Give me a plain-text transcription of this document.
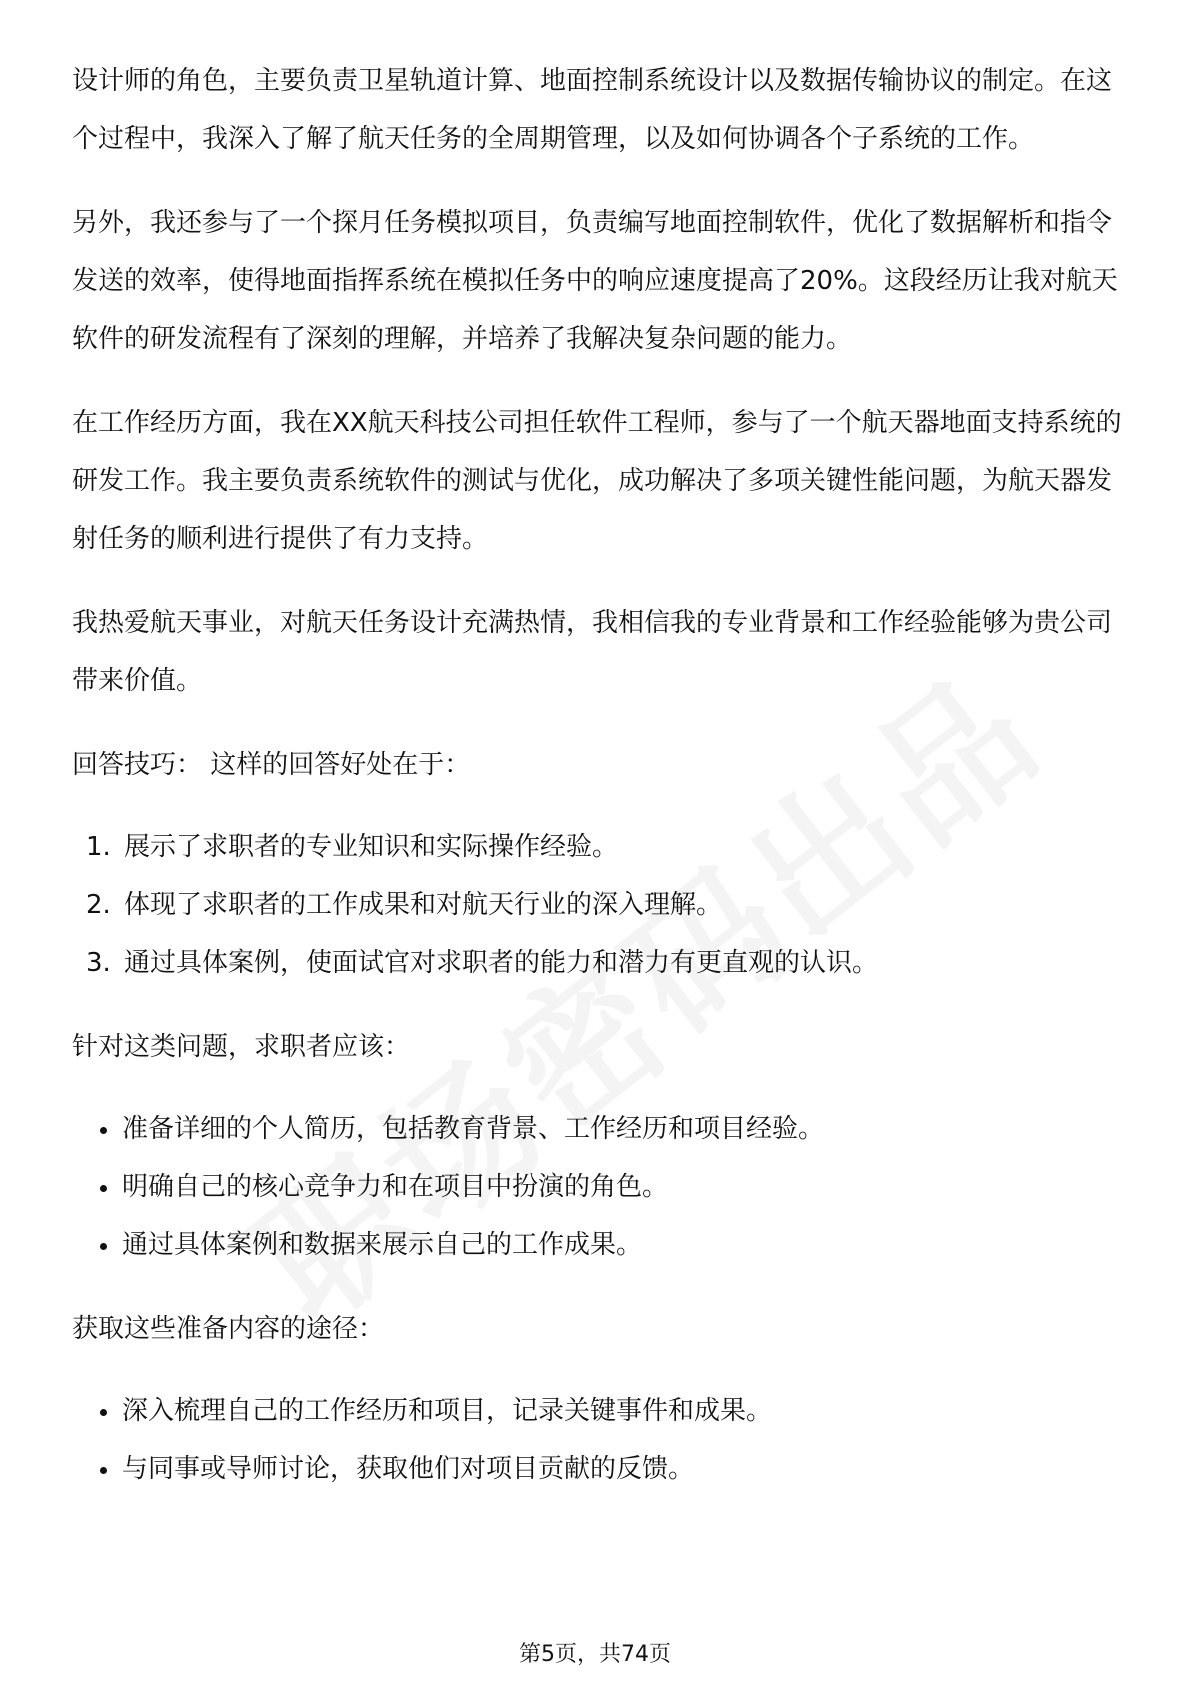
设计师的角色，主要负责卫星轨道计算、地面控制系统设计以及数据传输协议的制定。在这个过程中，我深入了解了航天任务的全周期管理，以及如何协调各个子系统的工作。

另外，我还参与了一个探月任务模拟项目，负责编写地面控制软件，优化了数据解析和指令发送的效率，使得地面指挥系统在模拟任务中的响应速度提高了20%。这段经历让我对航天软件的研发流程有了深刻的理解，并培养了我解决复杂问题的能力。

在工作经历方面，我在XX航天科技公司担任软件工程师，参与了一个航天器地面支持系统的研发工作。我主要负责系统软件的测试与优化，成功解决了多项关键性能问题，为航天器发射任务的顺利进行提供了有力支持。

我热爱航天事业，对航天任务设计充满热情，我相信我的专业背景和工作经验能够为贵公司带来价值。

回答技巧： 这样的回答好处在于：

1. 展示了求职者的专业知识和实际操作经验。
2. 体现了求职者的工作成果和对航天行业的深入理解。
3. 通过具体案例，使面试官对求职者的能力和潜力有更直观的认识。

针对这类问题，求职者应该：

准备详细的个人简历，包括教育背景、工作经历和项目经验。
明确自己的核心竞争力和在项目中扮演的角色。
通过具体案例和数据来展示自己的工作成果。

获取这些准备内容的途径：

深入梳理自己的工作经历和项目，记录关键事件和成果。
与同事或导师讨论，获取他们对项目贡献的反馈。
第5页，共74页
